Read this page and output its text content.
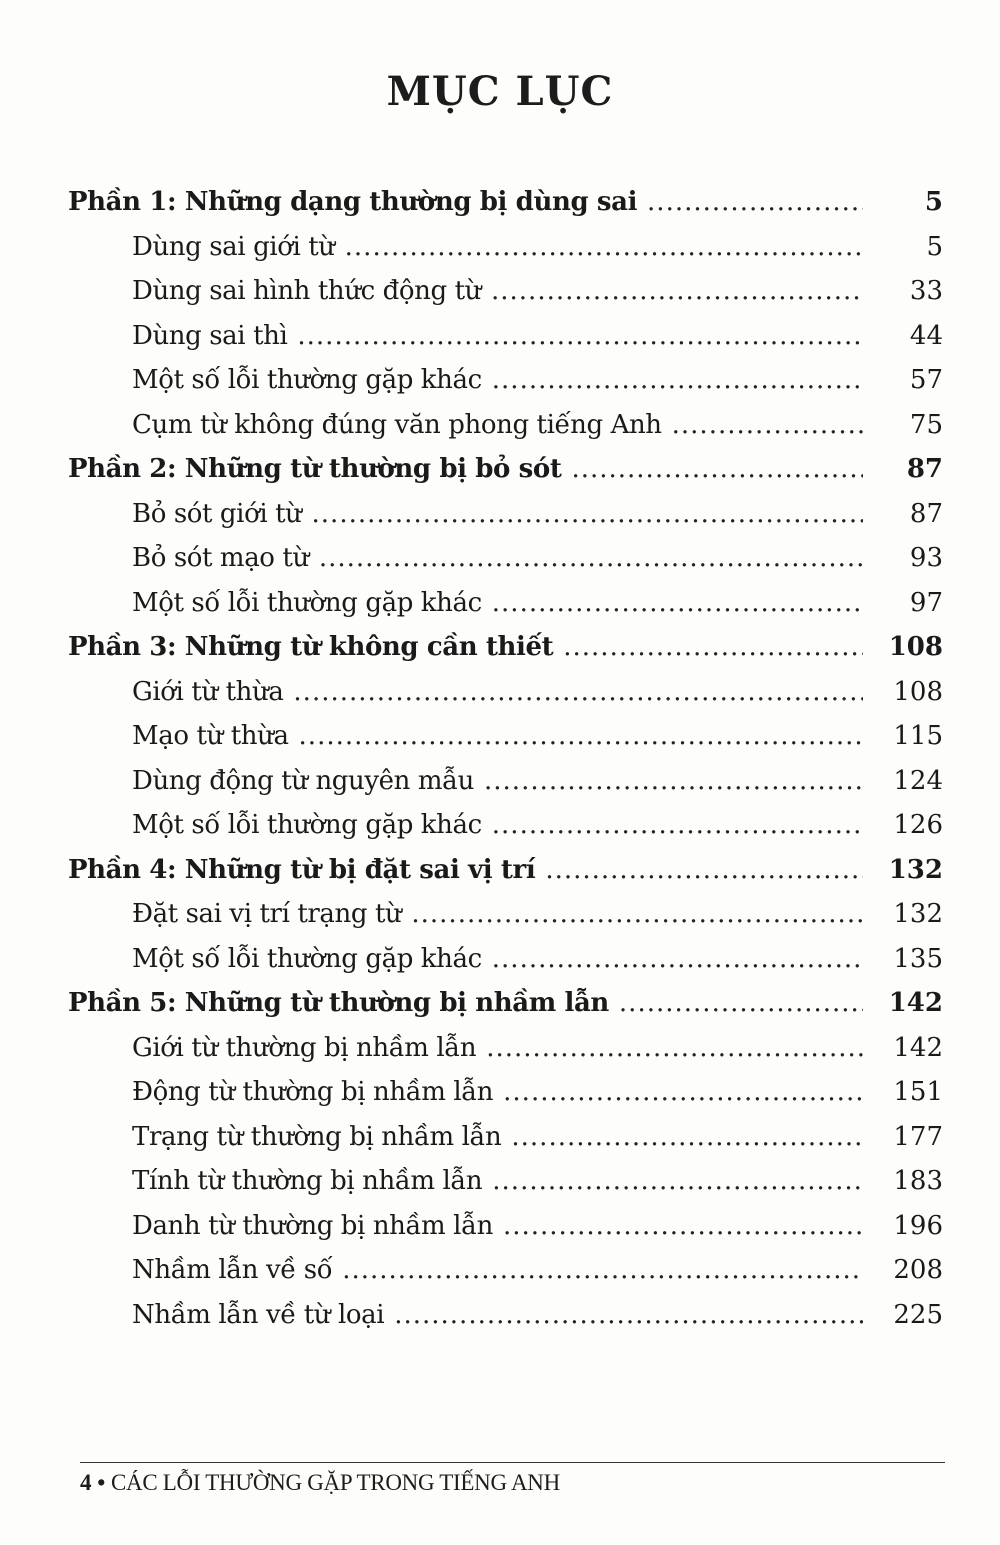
MỤC LỤC
Phần 1: Những dạng thường bị dùng sai .....	5
Dùng sai giới từ .....	5
Dùng sai hình thức động từ .....	33
Dùng sai thì .....	44
Một số lỗi thường gặp khác .....	57
Cụm từ không đúng văn phong tiếng Anh .....	75
Phần 2: Những từ thường bị bỏ sót .....	87
Bỏ sót giới từ .....	87
Bỏ sót mạo từ .....	93
Một số lỗi thường gặp khác .....	97
Phần 3: Những từ không cần thiết .....	108
Giới từ thừa .....	108
Mạo từ thừa .....	115
Dùng động từ nguyên mẫu .....	124
Một số lỗi thường gặp khác .....	126
Phần 4: Những từ bị đặt sai vị trí .....	132
Đặt sai vị trí trạng từ .....	132
Một số lỗi thường gặp khác .....	135
Phần 5: Những từ thường bị nhầm lẫn .....	142
Giới từ thường bị nhầm lẫn .....	142
Động từ thường bị nhầm lẫn .....	151
Trạng từ thường bị nhầm lẫn .....	177
Tính từ thường bị nhầm lẫn .....	183
Danh từ thường bị nhầm lẫn .....	196
Nhầm lẫn về số .....	208
Nhầm lẫn về từ loại .....	225
4 • CÁC LỖI THƯỜNG GẶP TRONG TIẾNG ANH
